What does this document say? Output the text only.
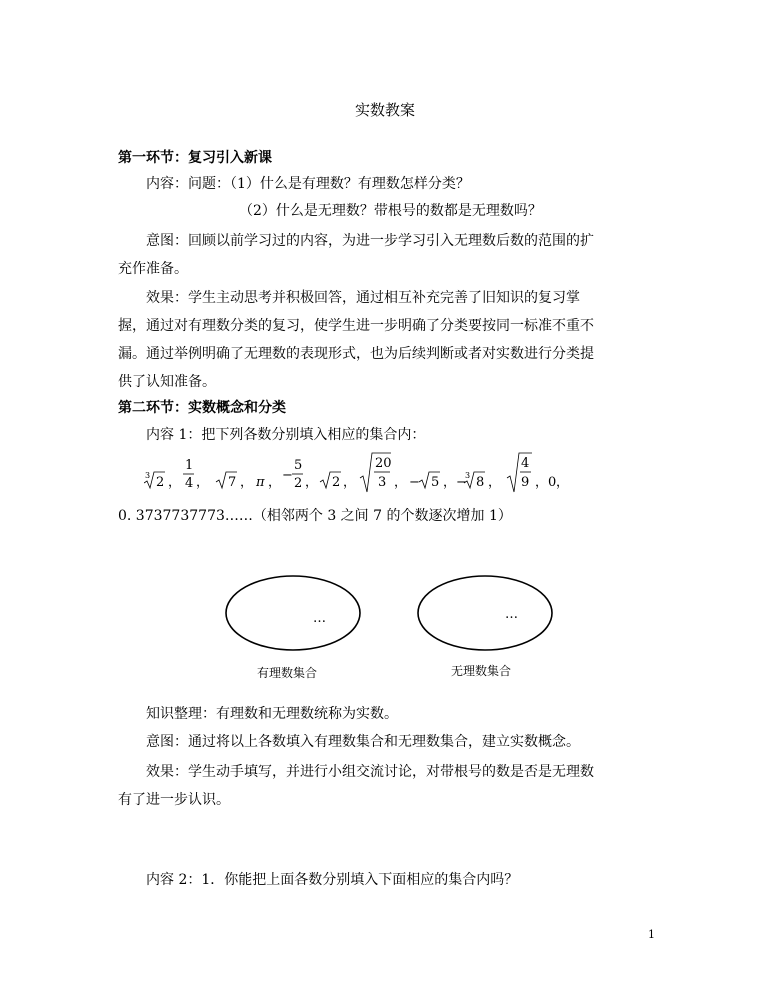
实数教案
第一环节：复习引入新课
内容：问题：（1）什么是有理数？有理数怎样分类？
（2）什么是无理数？带根号的数都是无理数吗？
意图：回顾以前学习过的内容，为进一步学习引入无理数后数的范围的扩
充作准备。
效果：学生主动思考并积极回答，通过相互补充完善了旧知识的复习掌
握，通过对有理数分类的复习，使学生进一步明确了分类要按同一标准不重不
漏。通过举例明确了无理数的表现形式，也为后续判断或者对实数进行分类提
供了认知准备。
第二环节：实数概念和分类
内容 1：把下列各数分别填入相应的集合内：
3 2 ，
1
4 ， 7 ， π ， −
5
2 ， 2 ，
20
3 ， − 5 ， −
3 8 ，
4
9 ， 0 ，
0. 3737737773……（相邻两个 3 之间 7 的个数逐次增加 1）
…	…
有理数集合	无理数集合
知识整理：有理数和无理数统称为实数。
意图：通过将以上各数填入有理数集合和无理数集合，建立实数概念。
效果：学生动手填写，并进行小组交流讨论，对带根号的数是否是无理数
有了进一步认识。
内容 2：1．你能把上面各数分别填入下面相应的集合内吗？
1
